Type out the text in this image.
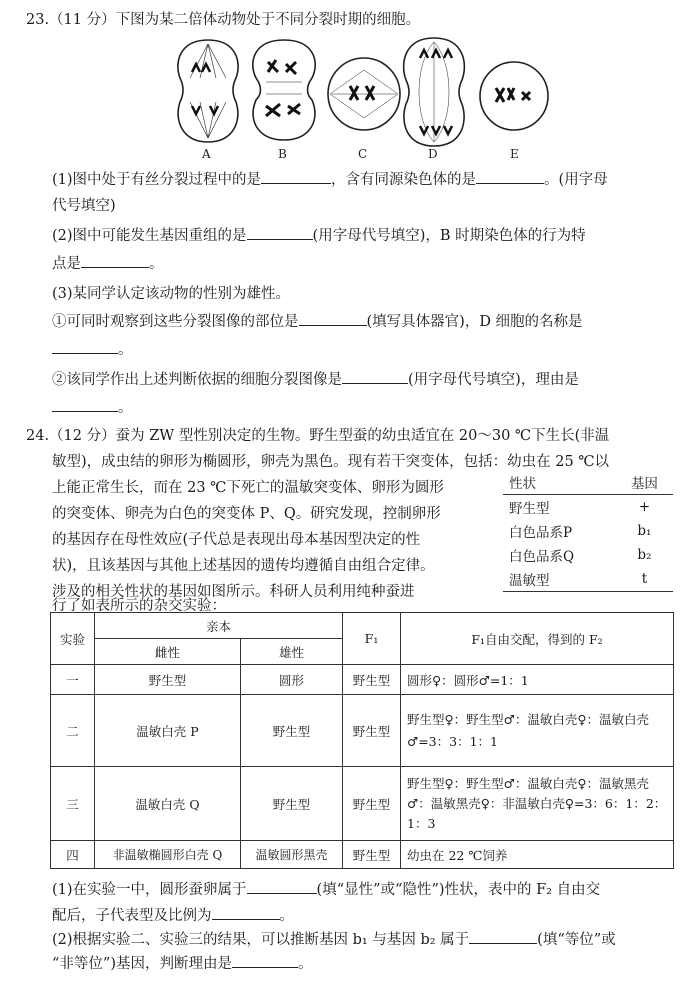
23.（11 分）下图为某二倍体动物处于不同分裂时期的细胞。
A	B	C	D	E
(1)图中处于有丝分裂过程中的是	，含有同源染色体的是	。(用字母
代号填空)
(2)图中可能发生基因重组的是	(用字母代号填空)，B 时期染色体的行为特
点是	。
(3)某同学认定该动物的性别为雄性。
①可同时观察到这些分裂图像的部位是	(填写具体器官)，D 细胞的名称是
。
②该同学作出上述判断依据的细胞分裂图像是	(用字母代号填空)，理由是
。
24.（12 分）蚕为 ZW 型性别决定的生物。野生型蚕的幼虫适宜在 20～30 ℃下生长(非温
敏型)，成虫结的卵形为椭圆形，卵壳为黑色。现有若干突变体，包括：幼虫在 25 ℃以
上能正常生长，而在 23 ℃下死亡的温敏突变体、卵形为圆形
的突变体、卵壳为白色的突变体 P、Q。研究发现，控制卵形
的基因存在母性效应(子代总是表现出母本基因型决定的性
状)，且该基因与其他上述基因的遗传均遵循自由组合定律。
涉及的相关性状的基因如图所示。科研人员利用纯种蚕进
行了如表所示的杂交实验：
性状	基因
野生型	+
白色品系P	b₁
白色品系Q	b₂
温敏型	t
实验	亲本		F₁	F₁自由交配，得到的 F₂
	雌性	雄性		
一	野生型	圆形	野生型	圆形♀：圆形♂=1：1
二	温敏白壳 P	野生型	野生型	野生型♀：野生型♂：温敏白壳♀：温敏白壳♂=3：3：1：1
三	温敏白壳 Q	野生型	野生型	野生型♀：野生型♂：温敏白壳♀：温敏黑壳♂：温敏黑壳♀：非温敏白壳♀=3：6：1：2：1：3
四	非温敏椭圆形白壳 Q	温敏圆形黑壳	野生型	幼虫在 22 ℃饲养
(1)在实验一中，圆形蚕卵属于	(填“显性”或“隐性”)性状，表中的 F₂ 自由交
配后，子代表型及比例为	。
(2)根据实验二、实验三的结果，可以推断基因 b₁ 与基因 b₂ 属于	(填“等位”或
“非等位”)基因，判断理由是	。
